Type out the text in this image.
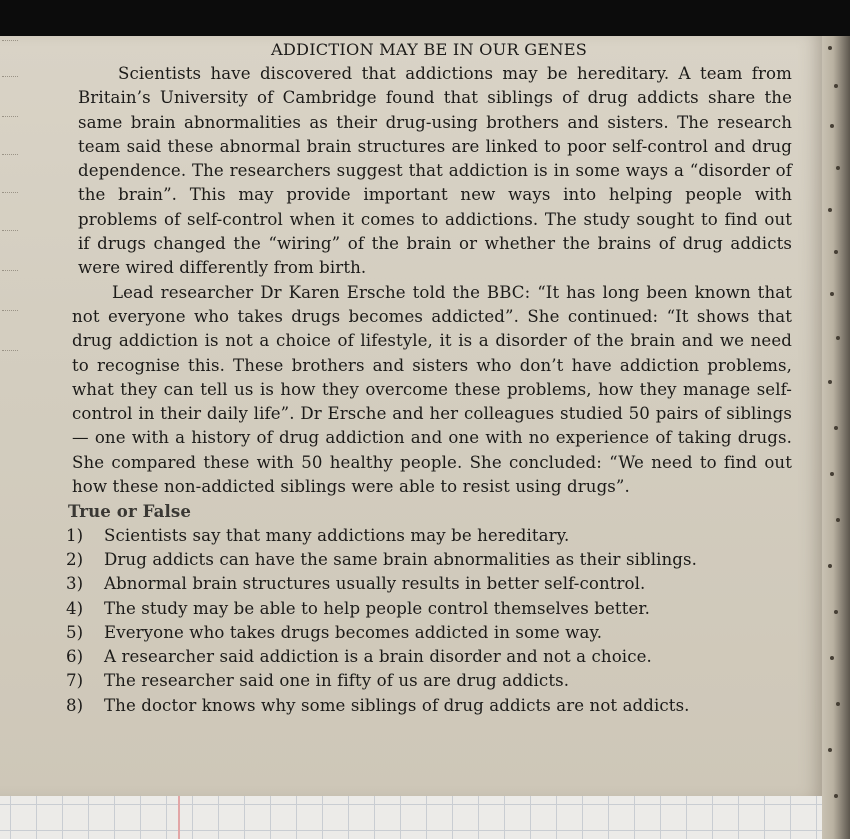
ADDICTION MAY BE IN OUR GENES

Scientists have discovered that addictions may be hereditary. A team from Britain’s University of Cambridge found that siblings of drug addicts share the same brain abnormalities as their drug-using brothers and sisters. The research team said these abnormal brain structures are linked to poor self-control and drug dependence. The researchers suggest that addiction is in some ways a “disorder of the brain”. This may provide important new ways into helping people with problems of self-control when it comes to addictions. The study sought to find out if drugs changed the “wiring” of the brain or whether the brains of drug addicts were wired differently from birth.

Lead researcher Dr Karen Ersche told the BBC: “It has long been known that not everyone who takes drugs becomes addicted”. She continued: “It shows that drug addiction is not a choice of lifestyle, it is a disorder of the brain and we need to recognise this. These brothers and sisters who don’t have addiction problems, what they can tell us is how they overcome these problems, how they manage self-control in their daily life”. Dr Ersche and her colleagues studied 50 pairs of siblings — one with a history of drug addiction and one with no experience of taking drugs. She compared these with 50 healthy people. She concluded: “We need to find out how these non-addicted siblings were able to resist using drugs”.

True or False
1)	Scientists say that many addictions may be hereditary.
2)	Drug addicts can have the same brain abnormalities as their siblings.
3)	Abnormal brain structures usually results in better self-control.
4)	The study may be able to help people control themselves better.
5)	Everyone who takes drugs becomes addicted in some way.
6)	A researcher said addiction is a brain disorder and not a choice.
7)	The researcher said one in fifty of us are drug addicts.
8)	The doctor knows why some siblings of drug addicts are not addicts.
